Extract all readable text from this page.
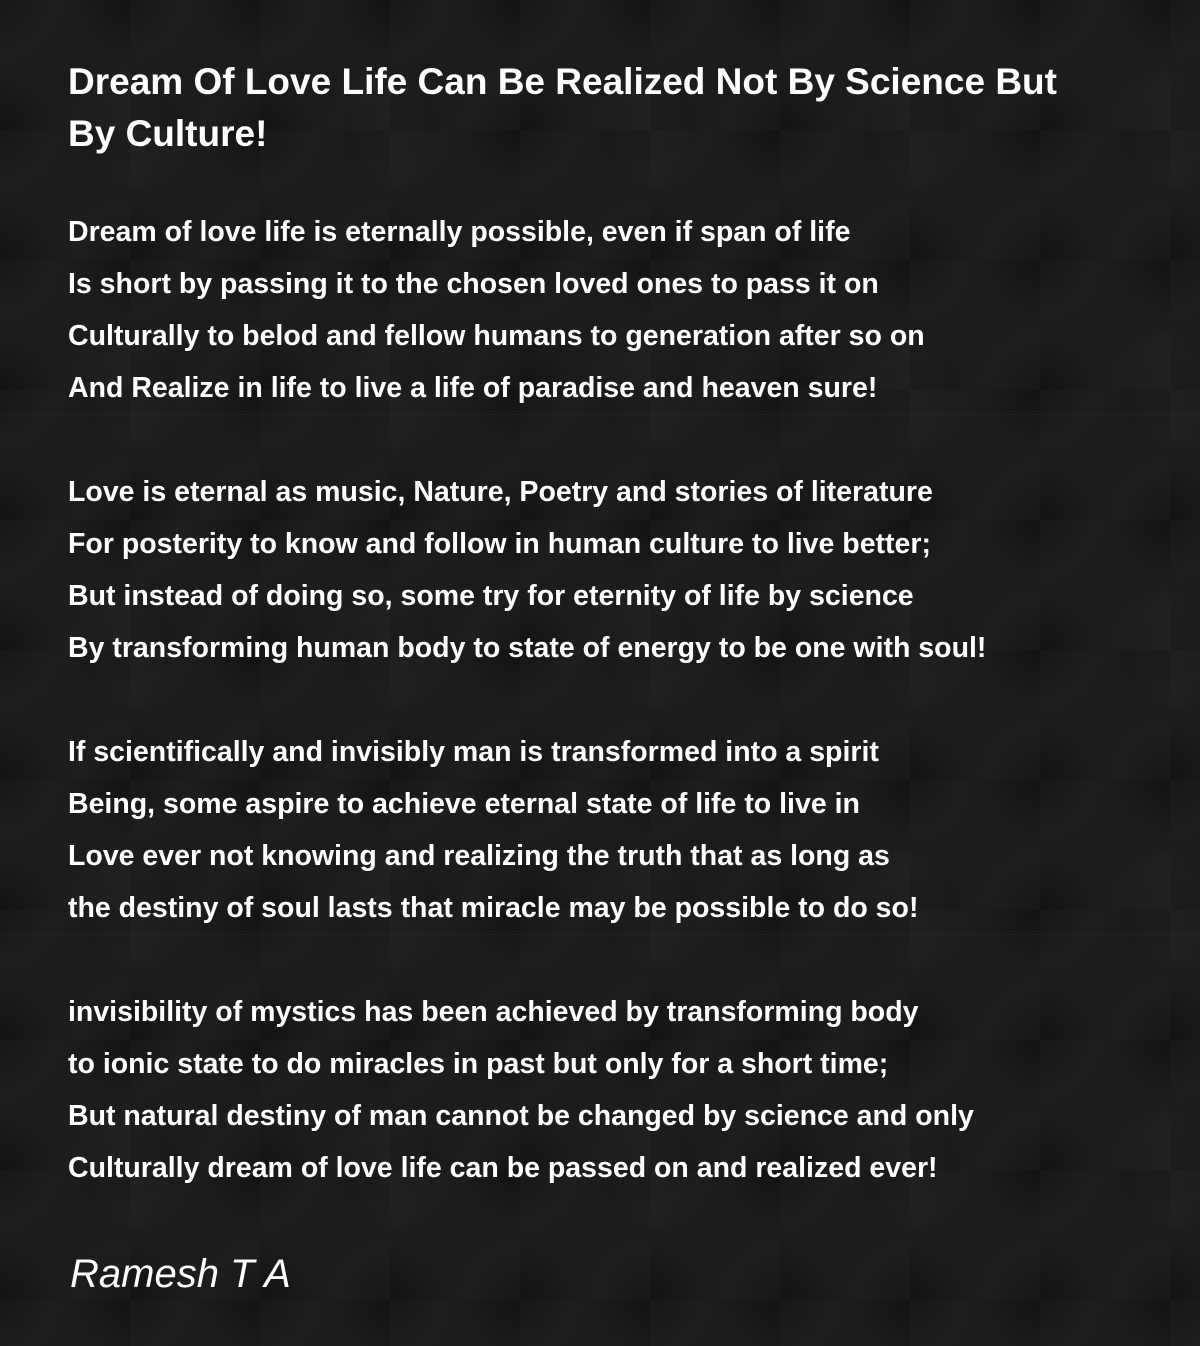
Dream Of Love Life Can Be Realized Not By Science But By Culture!
Dream of love life is eternally possible, even if span of life
Is short by passing it to the chosen loved ones to pass it on
Culturally to belod and fellow humans to generation after so on
And Realize in life to live a life of paradise and heaven sure!
Love is eternal as music, Nature, Poetry and stories of literature
For posterity to know and follow in human culture to live better;
But instead of doing so, some try for eternity of life by science
By transforming human body to state of energy to be one with soul!
If scientifically and invisibly man is transformed into a spirit
Being, some aspire to achieve eternal state of life to live in
Love ever not knowing and realizing the truth that as long as
the destiny of soul lasts that miracle may be possible to do so!
invisibility of mystics has been achieved by transforming body
to ionic state to do miracles in past but only for a short time;
But natural destiny of man cannot be changed by science and only
Culturally dream of love life can be passed on and realized ever!
Ramesh T A
